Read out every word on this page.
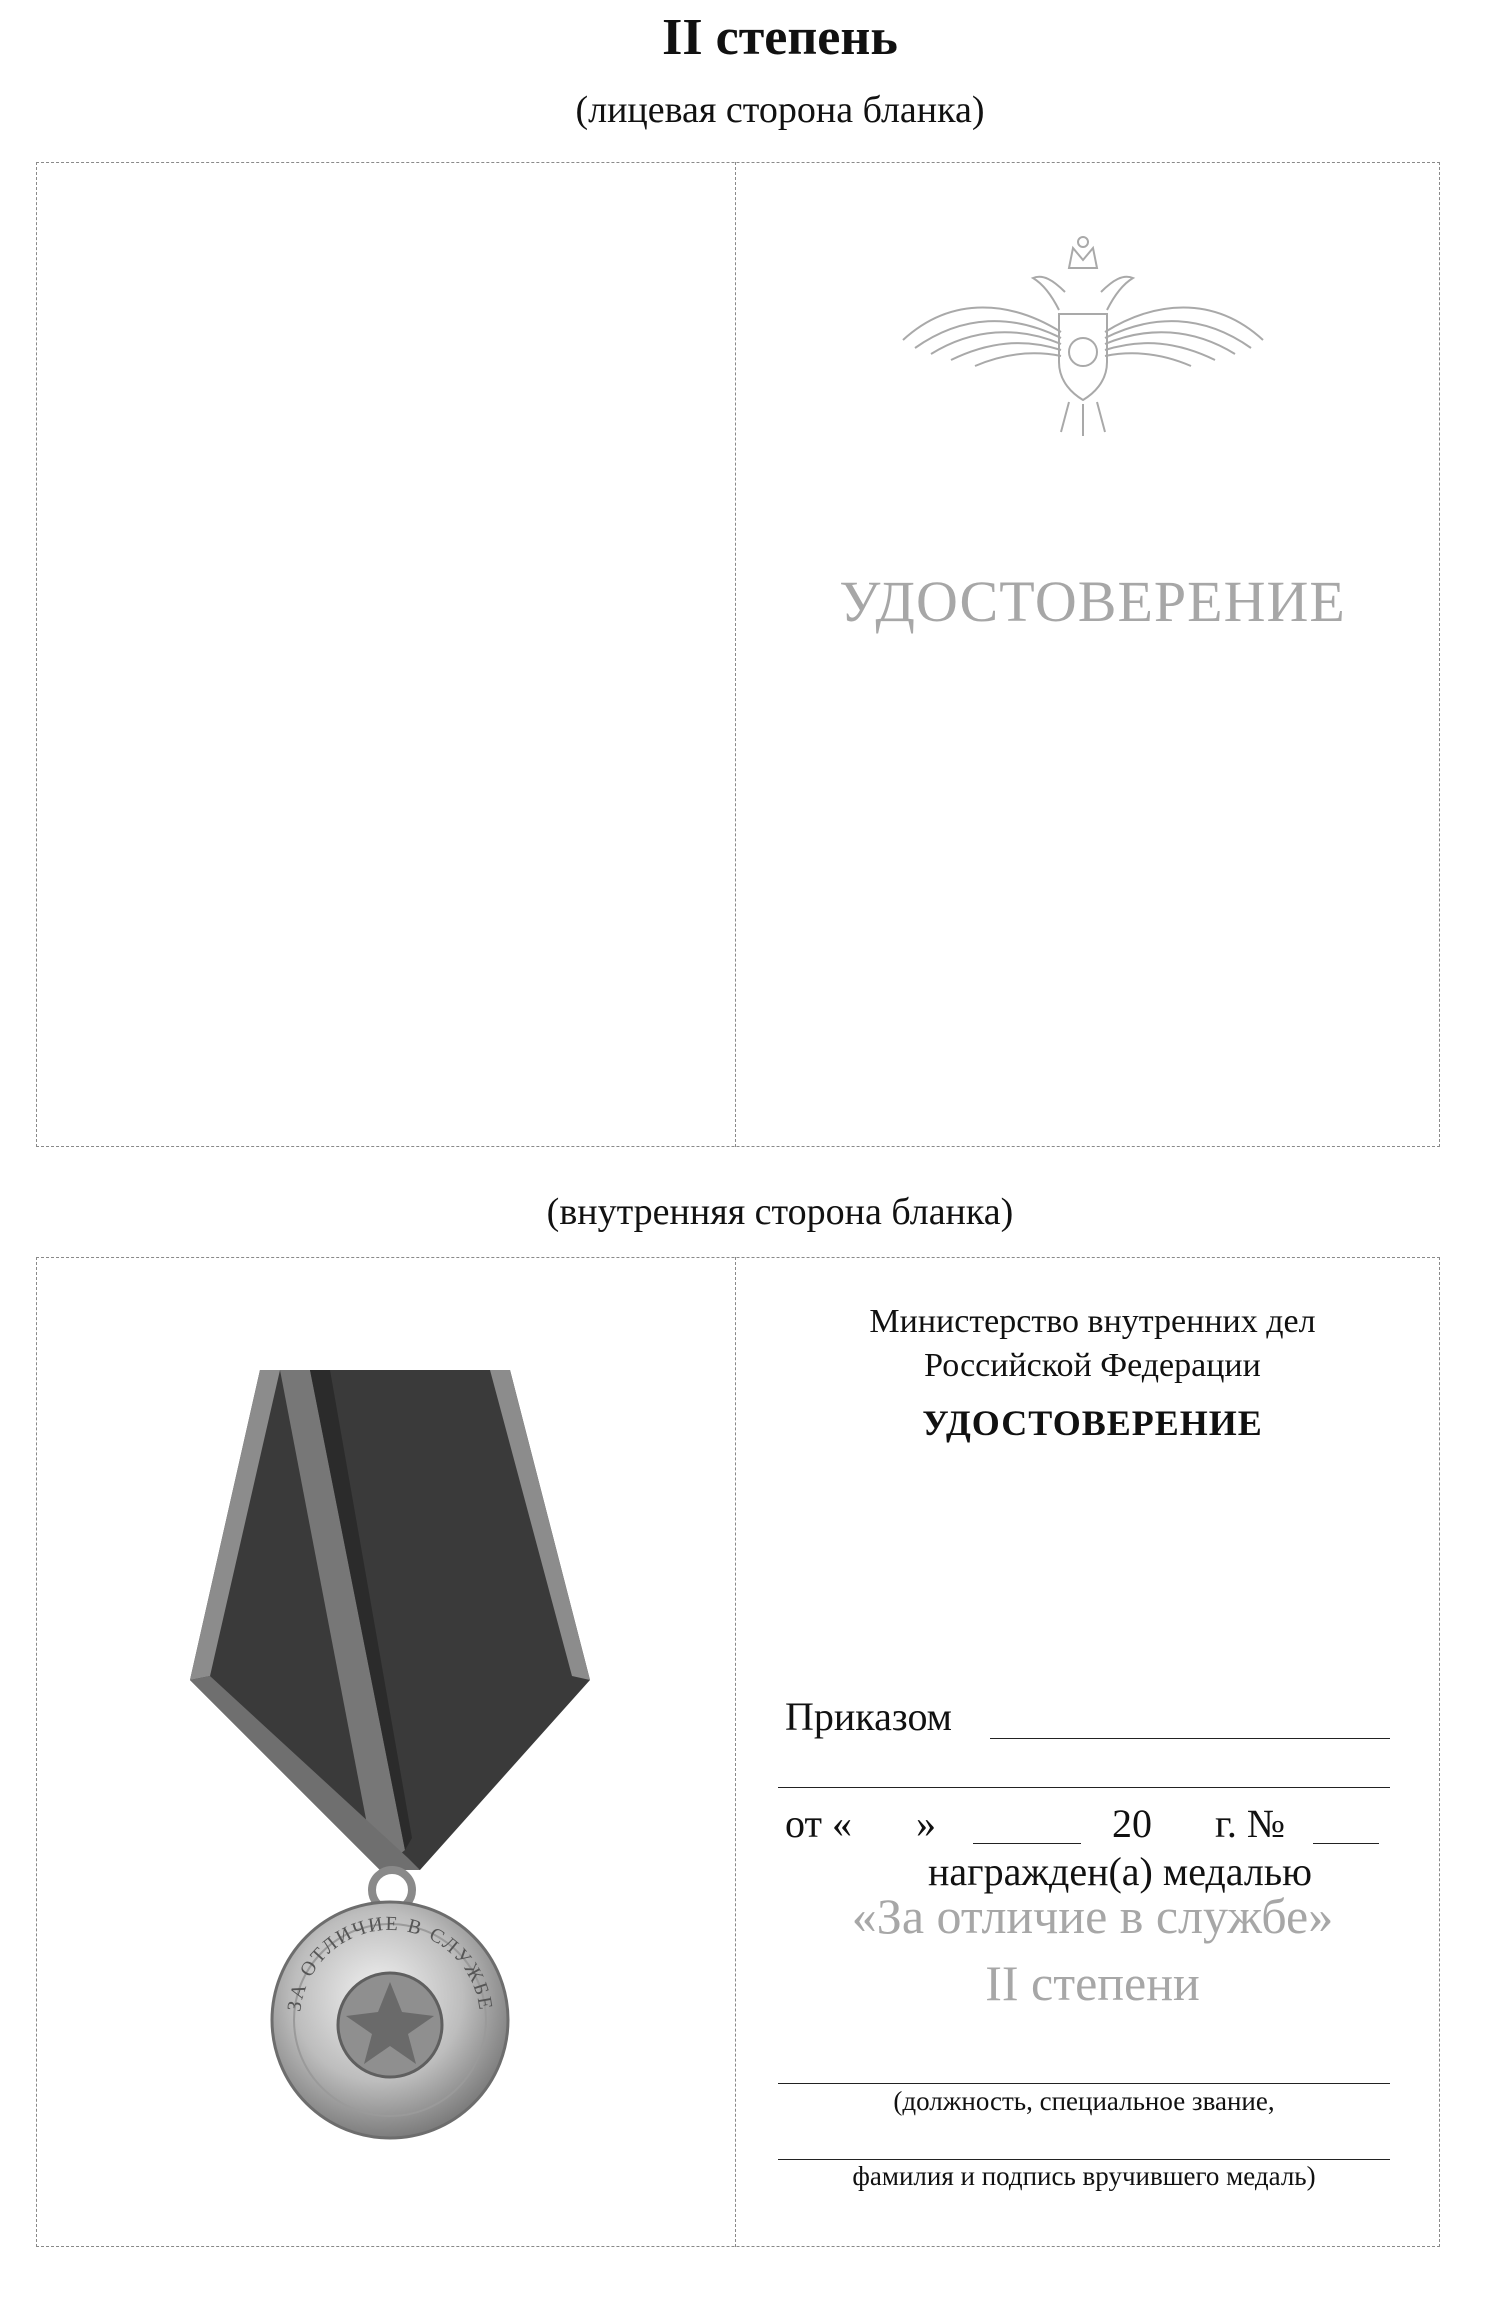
II степень
(лицевая сторона бланка)
УДОСТОВЕРЕНИЕ
(внутренняя сторона бланка)
ЗА ОТЛИЧИЕ В СЛУЖБЕ
Министерство внутренних дел
Российской Федерации
УДОСТОВЕРЕНИЕ
Приказом
от « »	20 г. №
награжден(а) медалью
«За отличие в службе»
II степени
(должность, специальное звание,
фамилия и подпись вручившего медаль)
